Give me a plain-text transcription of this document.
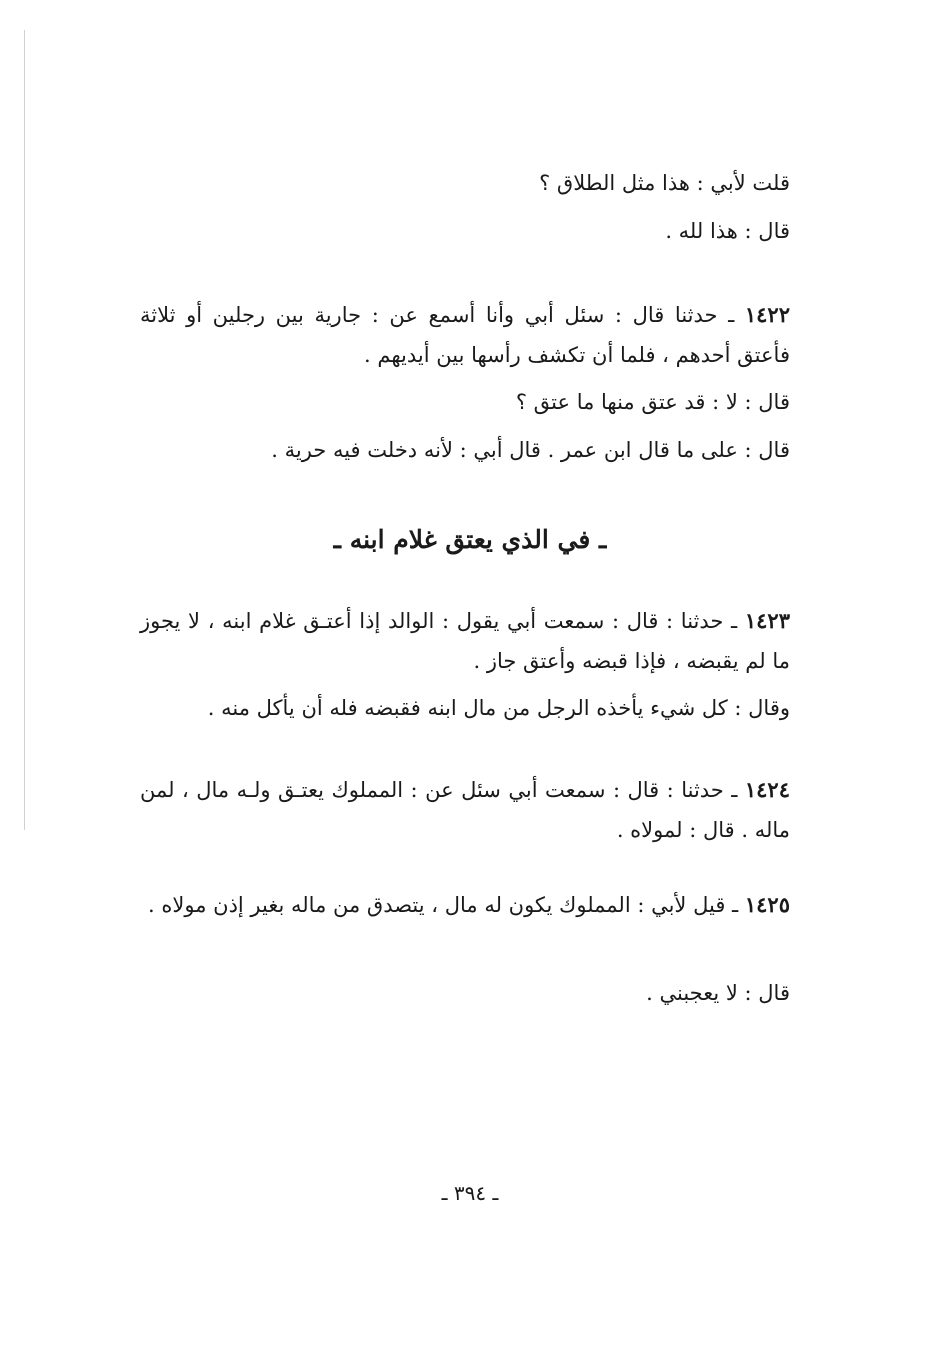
قلت لأبي : هذا مثل الطلاق ؟

قال : هذا لله .

١٤٢٢ ـ حدثنا قال : سئل أبي وأنا أسمع عن : جارية بين رجلين أو ثلاثة فأعتق أحدهم ، فلما أن تكشف رأسها بين أيديهم .

قال : لا : قد عتق منها ما عتق ؟

قال : على ما قال ابن عمر . قال أبي : لأنه دخلت فيه حرية .

ـ في الذي يعتق غلام ابنه ـ

١٤٢٣ ـ حدثنا : قال : سمعت أبي يقول : الوالد إذا أعتـق غلام ابنه ، لا يجوز ما لم يقبضه ، فإذا قبضه وأعتق جاز .

وقال : كل شيء يأخذه الرجل من مال ابنه فقبضه فله أن يأكل منه .

١٤٢٤ ـ حدثنا : قال : سمعت أبي سئل عن : المملوك يعتـق ولـه مال ، لمن ماله . قال : لمولاه .

١٤٢٥ ـ قيل لأبي : المملوك يكون له مال ، يتصدق من ماله بغير إذن مولاه .

قال : لا يعجبني .

ـ ٣٩٤ ـ
